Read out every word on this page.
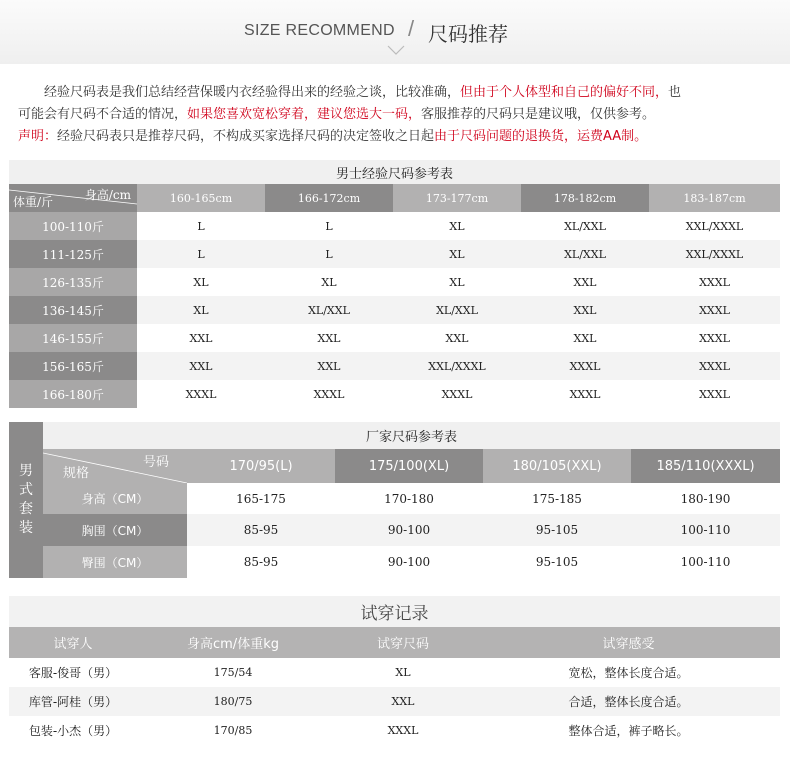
SIZE RECOMMEND / 尺码推荐
经验尺码表是我们总结经营保暖内衣经验得出来的经验之谈，比较准确，但由于个人体型和自己的偏好不同，也
可能会有尺码不合适的情况，如果您喜欢宽松穿着，建议您选大一码，客服推荐的尺码只是建议哦，仅供参考。
声明：经验尺码表只是推荐尺码，不构成买家选择尺码的决定签收之日起由于尺码问题的退换货，运费AA制。
男士经验尺码参考表					

身高/cm
体重/斤	160-165cm	166-172cm	173-177cm	178-182cm	183-187cm
100-110斤	L	L	XL	XL/XXL	XXL/XXXL
111-125斤	L	L	XL	XL/XXL	XXL/XXXL
126-135斤	XL	XL	XL	XXL	XXXL
136-145斤	XL	XL/XXL	XL/XXL	XXL	XXXL
146-155斤	XXL	XXL	XXL	XXL	XXXL
156-165斤	XXL	XXL	XXL/XXXL	XXXL	XXXL
166-180斤	XXXL	XXXL	XXXL	XXXL	XXXL
男式套装	厂家尺码参考表				

	号码
规格	170/95(L)	175/100(XL)	180/105(XXL)	185/110(XXXL)
	身高（CM）	165-175	170-180	175-185	180-190
	胸围（CM）	85-95	90-100	95-105	100-110
	臀围（CM）	85-95	90-100	95-105	100-110
试穿记录			
试穿人	身高cm/体重kg	试穿尺码	试穿感受
客服-俊哥（男）	175/54	XL	宽松，整体长度合适。
库管-阿桂（男）	180/75	XXL	合适，整体长度合适。
包装-小杰（男）	170/85	XXXL	整体合适，裤子略长。
